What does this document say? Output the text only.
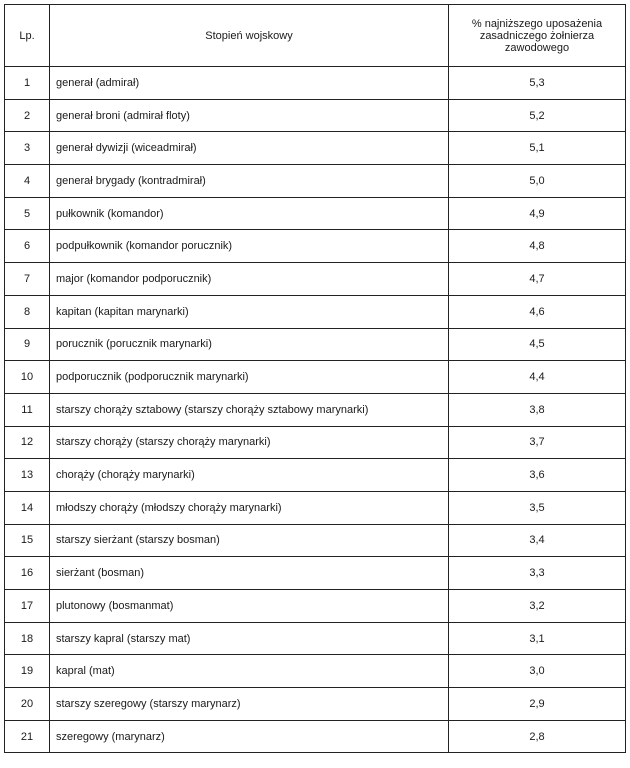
Lp.	Stopień wojskowy	% najniższego uposażenia zasadniczego żołnierza zawodowego
1	generał (admirał)	5,3
2	generał broni (admirał floty)	5,2
3	generał dywizji (wiceadmirał)	5,1
4	generał brygady (kontradmirał)	5,0
5	pułkownik (komandor)	4,9
6	podpułkownik (komandor porucznik)	4,8
7	major (komandor podporucznik)	4,7
8	kapitan (kapitan marynarki)	4,6
9	porucznik (porucznik marynarki)	4,5
10	podporucznik (podporucznik marynarki)	4,4
11	starszy chorąży sztabowy (starszy chorąży sztabowy marynarki)	3,8
12	starszy chorąży (starszy chorąży marynarki)	3,7
13	chorąży (chorąży marynarki)	3,6
14	młodszy chorąży (młodszy chorąży marynarki)	3,5
15	starszy sierżant (starszy bosman)	3,4
16	sierżant (bosman)	3,3
17	plutonowy (bosmanmat)	3,2
18	starszy kapral (starszy mat)	3,1
19	kapral (mat)	3,0
20	starszy szeregowy (starszy marynarz)	2,9
21	szeregowy (marynarz)	2,8
